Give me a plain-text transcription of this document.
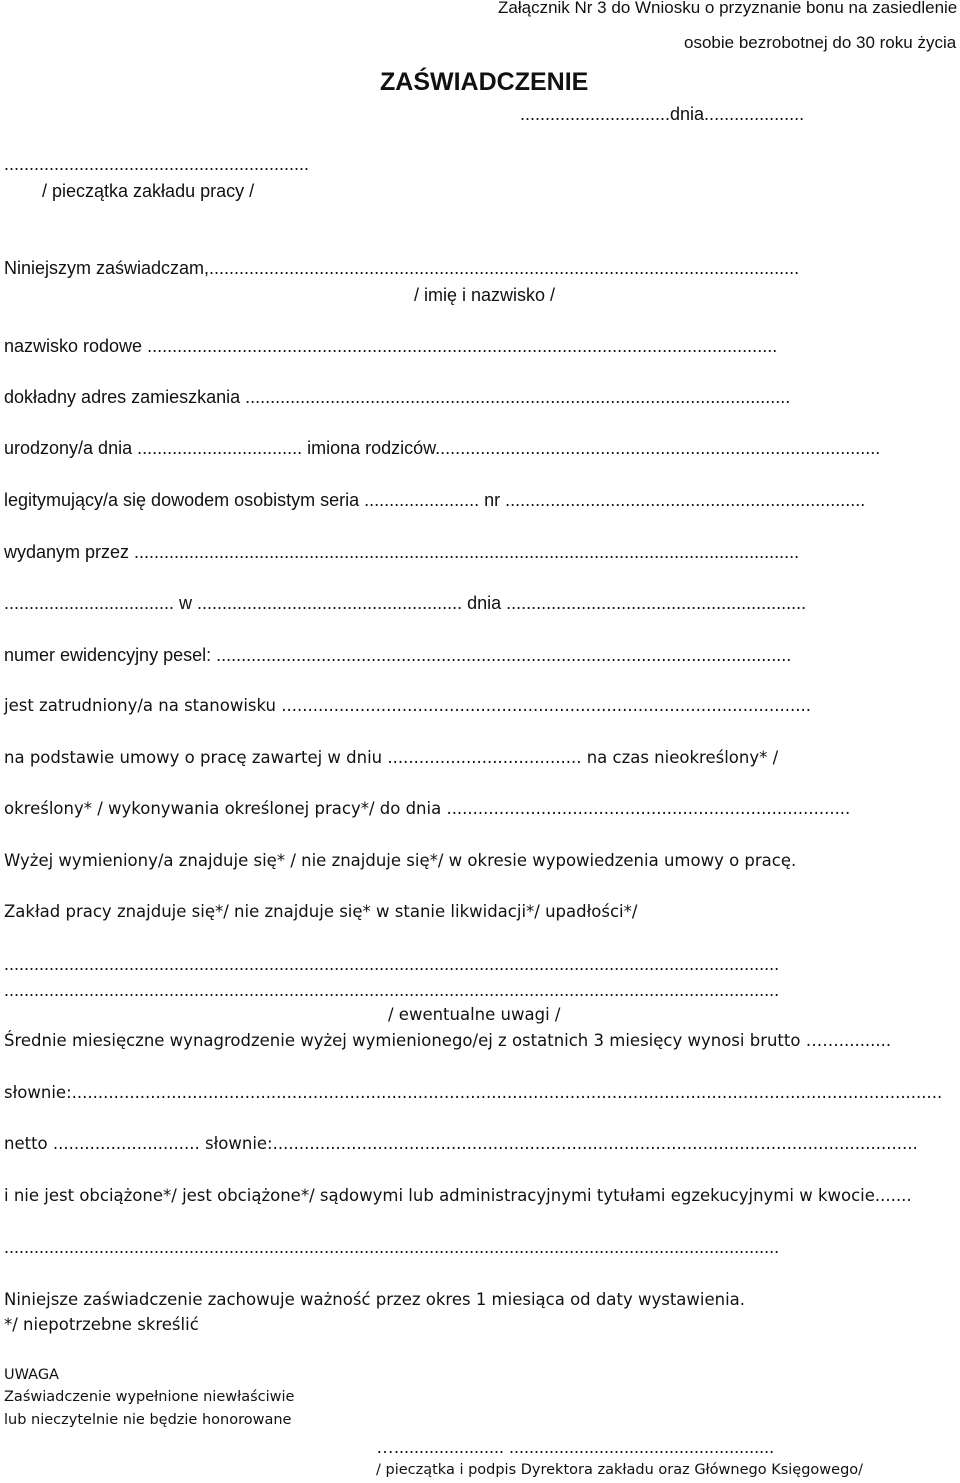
Załącznik Nr 3 do Wniosku o przyznanie bonu na zasiedlenie
osobie bezrobotnej do 30 roku życia
ZAŚWIADCZENIE
..............................dnia....................
.............................................................
/ pieczątka zakładu pracy /
Niniejszym zaświadczam,......................................................................................................................
/ imię i nazwisko /
nazwisko rodowe ..............................................................................................................................
dokładny adres zamieszkania .............................................................................................................
urodzony/a dnia ................................. imiona rodziców.........................................................................................
legitymujący/a się dowodem osobistym seria ....................... nr ........................................................................
wydanym przez .....................................................................................................................................
.................................. w ..................................................... dnia ............................................................
numer ewidencyjny pesel: ...................................................................................................................
jest zatrudniony/a na stanowisku .....................................................................................................
na podstawie umowy o pracę zawartej w dniu ..................................... na czas nieokreślony* /
określony* / wykonywania określonej pracy*/ do dnia .............................................................................
Wyżej wymieniony/a znajduje się* / nie znajduje się*/ w okresie wypowiedzenia umowy o pracę.
Zakład pracy znajduje się*/ nie znajduje się* w stanie likwidacji*/ upadłości*/
...........................................................................................................................................................
...........................................................................................................................................................
/ ewentualne uwagi /
Średnie miesięczne wynagrodzenie wyżej wymienionego/ej z ostatnich 3 miesięcy wynosi brutto ……..........
słownie:......................................................................................................................................................................
netto ............................ słownie:...........................................................................................................................
i nie jest obciążone*/ jest obciążone*/ sądowymi lub administracyjnymi tytułami egzekucyjnymi w kwocie.......
...........................................................................................................................................................
Niniejsze zaświadczenie zachowuje ważność przez okres 1 miesiąca od daty wystawienia.
*/ niepotrzebne skreślić
UWAGA
Zaświadczenie wypełnione niewłaściwie
lub nieczytelnie nie będzie honorowane
…...................... .....................................................
/ pieczątka i podpis Dyrektora zakładu oraz Głównego Księgowego/
